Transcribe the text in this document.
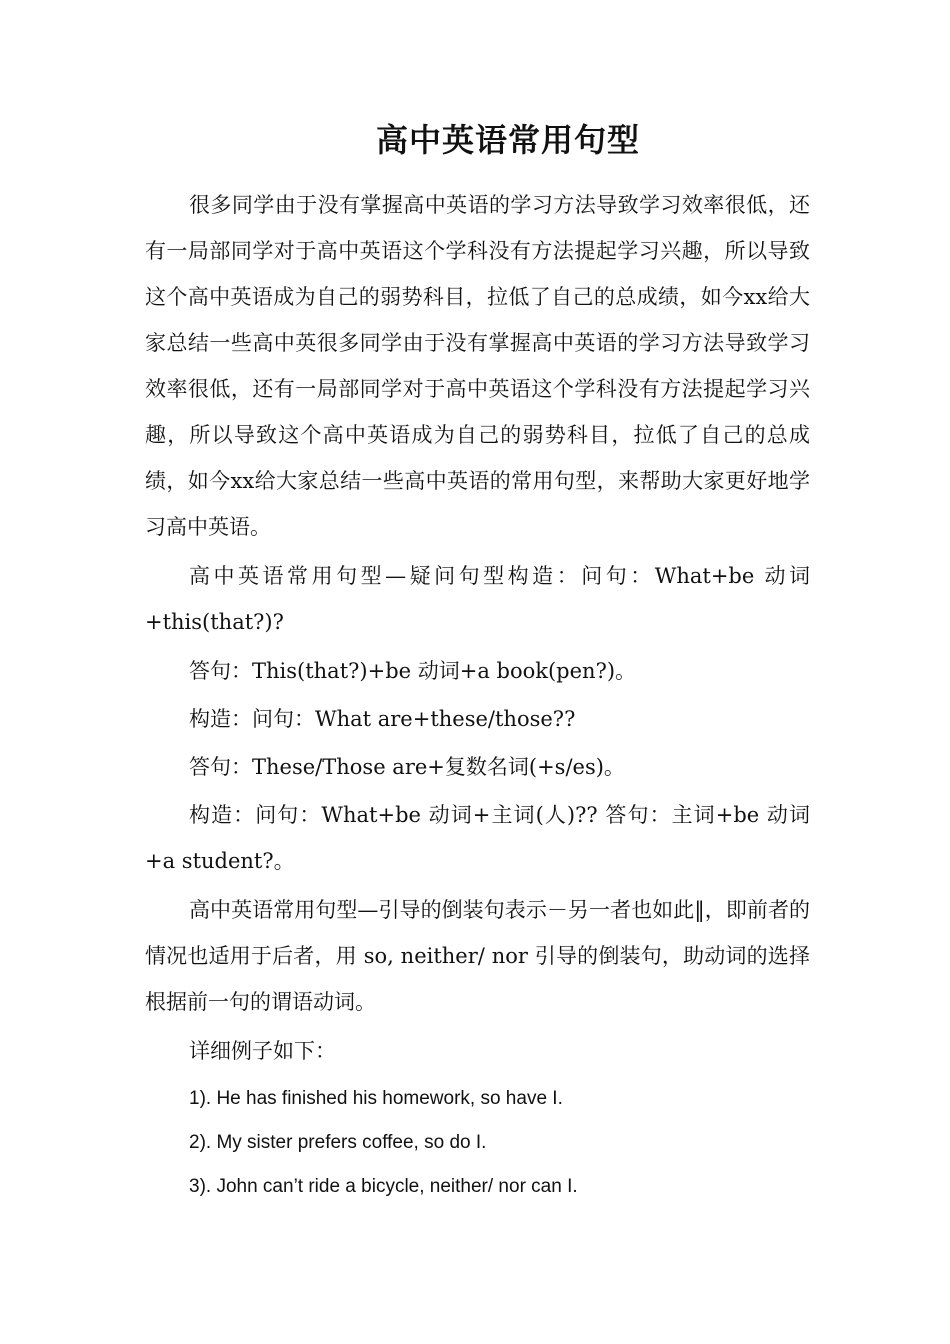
高中英语常用句型

很多同学由于没有掌握高中英语的学习方法导致学习效率很低，还有一局部同学对于高中英语这个学科没有方法提起学习兴趣，所以导致这个高中英语成为自己的弱势科目，拉低了自己的总成绩，如今xx给大家总结一些高中英很多同学由于没有掌握高中英语的学习方法导致学习效率很低，还有一局部同学对于高中英语这个学科没有方法提起学习兴趣，所以导致这个高中英语成为自己的弱势科目，拉低了自己的总成绩，如今xx给大家总结一些高中英语的常用句型，来帮助大家更好地学习高中英语。

高中英语常用句型—疑问句型构造：问句：What+be 动词+this(that?)?

答句：This(that?)+be 动词+a book(pen?)。

构造：问句：What are+these/those??

答句：These/Those are+复数名词(+s/es)。

构造：问句：What+be 动词+主词(人)?? 答句：主词+be 动词+a student?。

高中英语常用句型—引导的倒装句表示－另一者也如此‖，即前者的情况也适用于后者，用 so, neither/ nor 引导的倒装句，助动词的选择根据前一句的谓语动词。

详细例子如下：

1). He has finished his homework, so have I.

2). My sister prefers coffee, so do I.

3). John can’t ride a bicycle, neither/ nor can I.
